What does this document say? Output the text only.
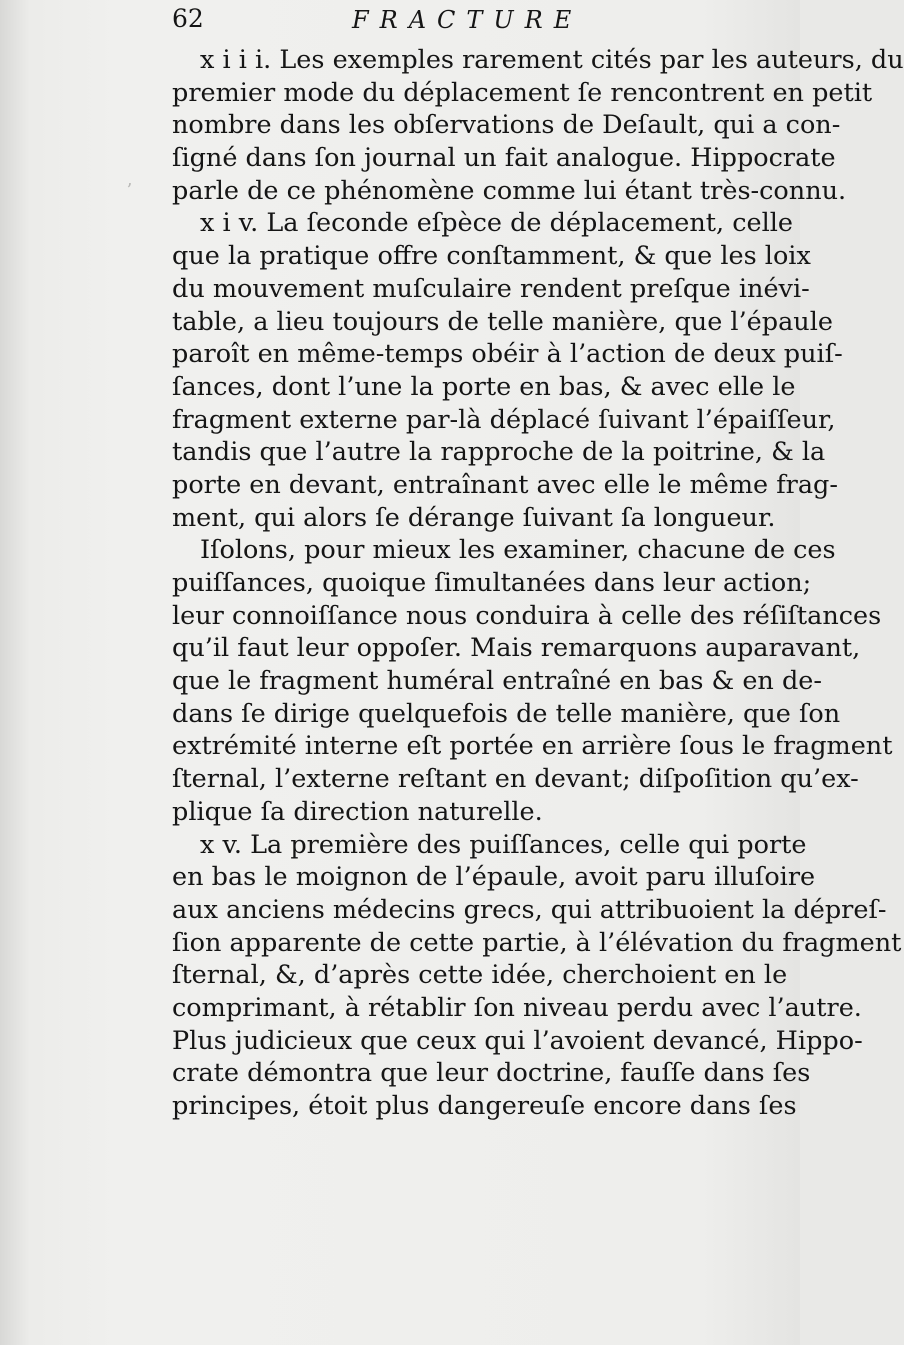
62	FRACTURE
ʼ
x i i i. Les exemples rarement cités par les auteurs, du
premier mode du déplacement ſe rencontrent en petit
nombre dans les obſervations de Deſault, qui a con-
ſigné dans ſon journal un fait analogue. Hippocrate
parle de ce phénomène comme lui étant très-connu.
x i v. La ſeconde eſpèce de déplacement, celle
que la pratique offre conſtamment, & que les loix
du mouvement muſculaire rendent preſque inévi-
table, a lieu toujours de telle manière, que l’épaule
paroît en même-temps obéir à l’action de deux puiſ-
ſances, dont l’une la porte en bas, & avec elle le
fragment externe par-là déplacé ſuivant l’épaiſſeur,
tandis que l’autre la rapproche de la poitrine, & la
porte en devant, entraînant avec elle le même frag-
ment, qui alors ſe dérange ſuivant ſa longueur.
Iſolons, pour mieux les examiner, chacune de ces
puiſſances, quoique ſimultanées dans leur action;
leur connoiſſance nous conduira à celle des réſiſtances
qu’il faut leur oppoſer. Mais remarquons auparavant,
que le fragment huméral entraîné en bas & en de-
dans ſe dirige quelquefois de telle manière, que ſon
extrémité interne eſt portée en arrière ſous le fragment
ſternal, l’externe reſtant en devant; diſpoſition qu’ex-
plique ſa direction naturelle.
x v. La première des puiſſances, celle qui porte
en bas le moignon de l’épaule, avoit paru illuſoire
aux anciens médecins grecs, qui attribuoient la dépreſ-
ſion apparente de cette partie, à l’élévation du fragment
ſternal, &, d’après cette idée, cherchoient en le
comprimant, à rétablir ſon niveau perdu avec l’autre.
Plus judicieux que ceux qui l’avoient devancé, Hippo-
crate démontra que leur doctrine, fauſſe dans ſes
principes, étoit plus dangereuſe encore dans ſes
